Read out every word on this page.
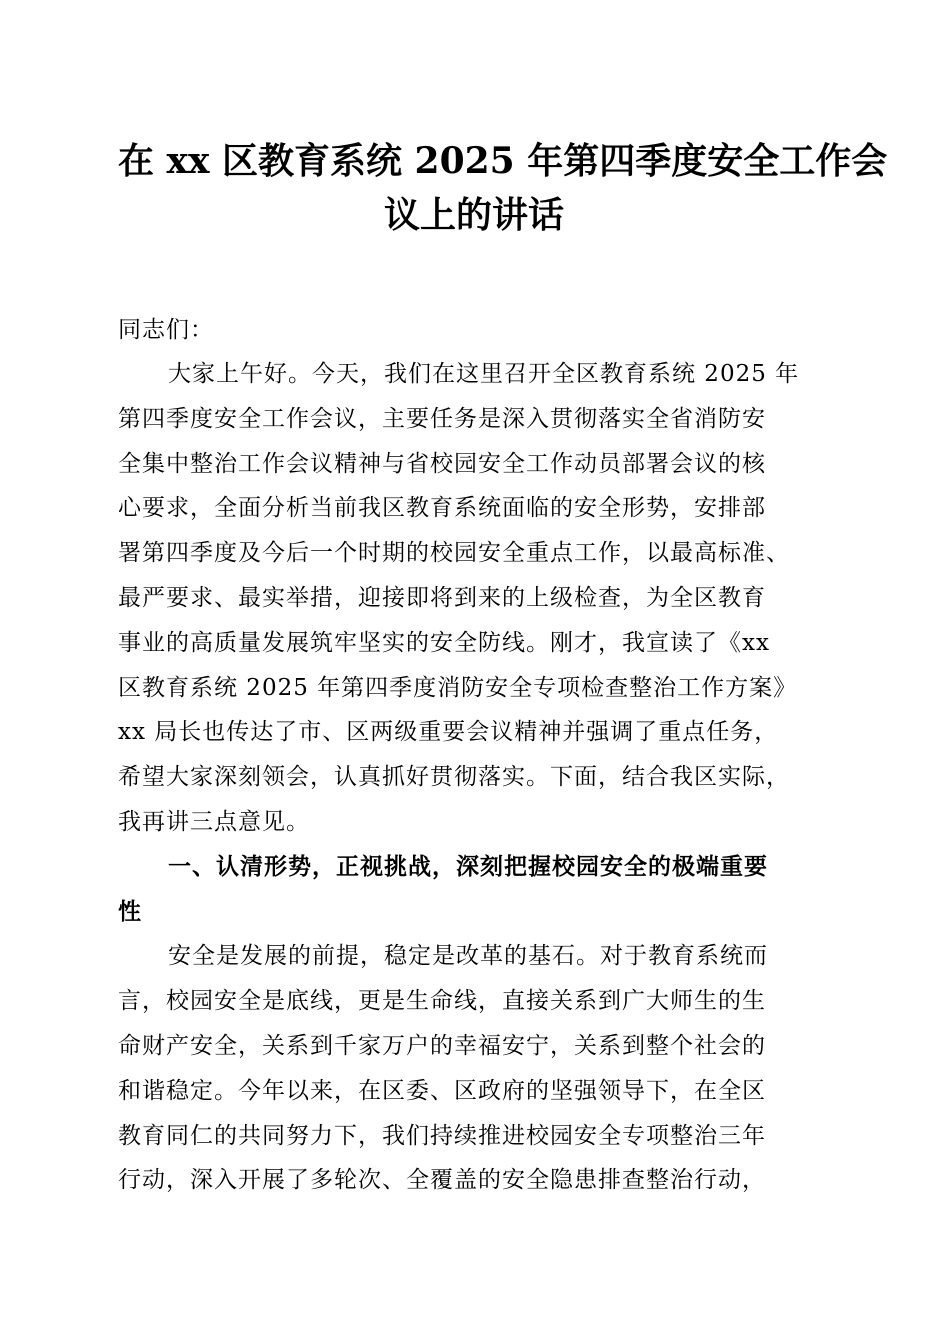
在 xx 区教育系统 2025 年第四季度安全工作会
议上的讲话

同志们：

大家上午好。今天，我们在这里召开全区教育系统 2025 年
第四季度安全工作会议，主要任务是深入贯彻落实全省消防安
全集中整治工作会议精神与省校园安全工作动员部署会议的核
心要求，全面分析当前我区教育系统面临的安全形势，安排部
署第四季度及今后一个时期的校园安全重点工作，以最高标准、
最严要求、最实举措，迎接即将到来的上级检查，为全区教育
事业的高质量发展筑牢坚实的安全防线。刚才，我宣读了《xx
区教育系统 2025 年第四季度消防安全专项检查整治工作方案》
xx 局长也传达了市、区两级重要会议精神并强调了重点任务，
希望大家深刻领会，认真抓好贯彻落实。下面，结合我区实际，
我再讲三点意见。
一、认清形势，正视挑战，深刻把握校园安全的极端重要
性
安全是发展的前提，稳定是改革的基石。对于教育系统而
言，校园安全是底线，更是生命线，直接关系到广大师生的生
命财产安全，关系到千家万户的幸福安宁，关系到整个社会的
和谐稳定。今年以来，在区委、区政府的坚强领导下，在全区
教育同仁的共同努力下，我们持续推进校园安全专项整治三年
行动，深入开展了多轮次、全覆盖的安全隐患排查整治行动，
